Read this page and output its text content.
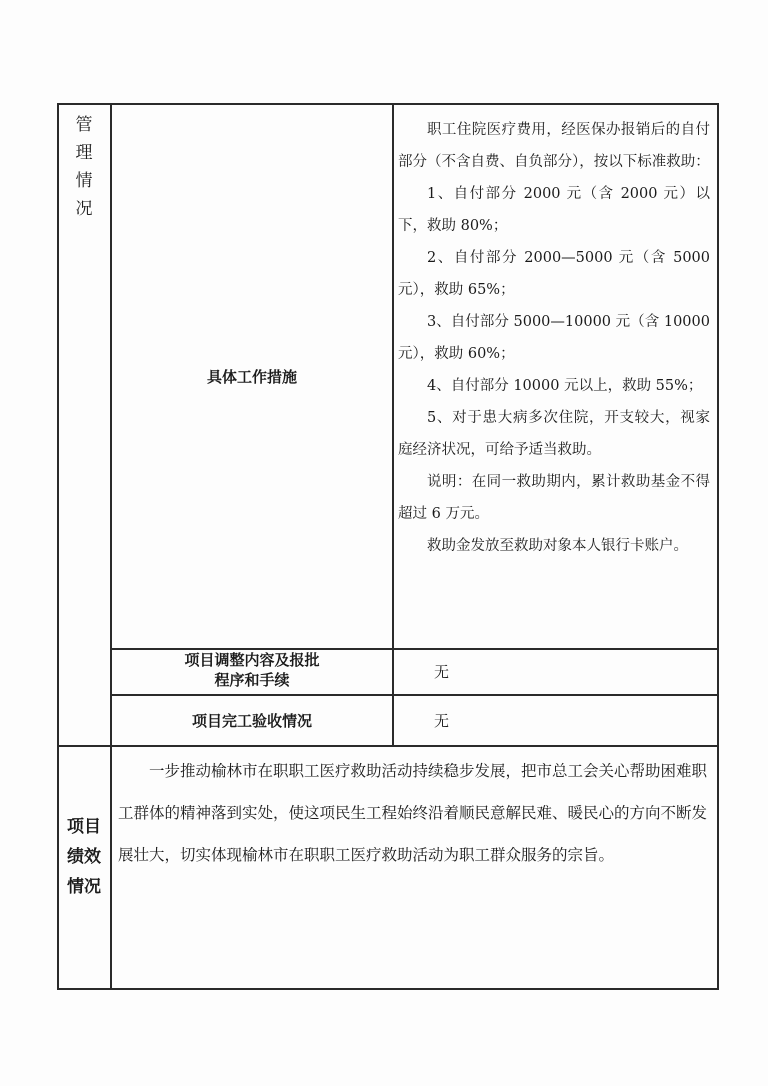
管
理
情
况
具体工作措施

职工住院医疗费用，经医保办报销后的自付部分（不含自费、自负部分），按以下标准救助：

1、自付部分 2000 元（含 2000 元）以下，救助 80%；

2、自付部分 2000—5000 元（含 5000 元），救助 65%；

3、自付部分 5000—10000 元（含 10000 元），救助 60%；

4、自付部分 10000 元以上，救助 55%；

5、对于患大病多次住院，开支较大，视家庭经济状况，可给予适当救助。

说明：在同一救助期内，累计救助基金不得超过 6 万元。

救助金发放至救助对象本人银行卡账户。

项目调整内容及报批
程序和手续	无
项目完工验收情况	无
项目
绩效
情况

一步推动榆林市在职职工医疗救助活动持续稳步发展，把市总工会关心帮助困难职工群体的精神落到实处，使这项民生工程始终沿着顺民意解民难、暖民心的方向不断发展壮大，切实体现榆林市在职职工医疗救助活动为职工群众服务的宗旨。
